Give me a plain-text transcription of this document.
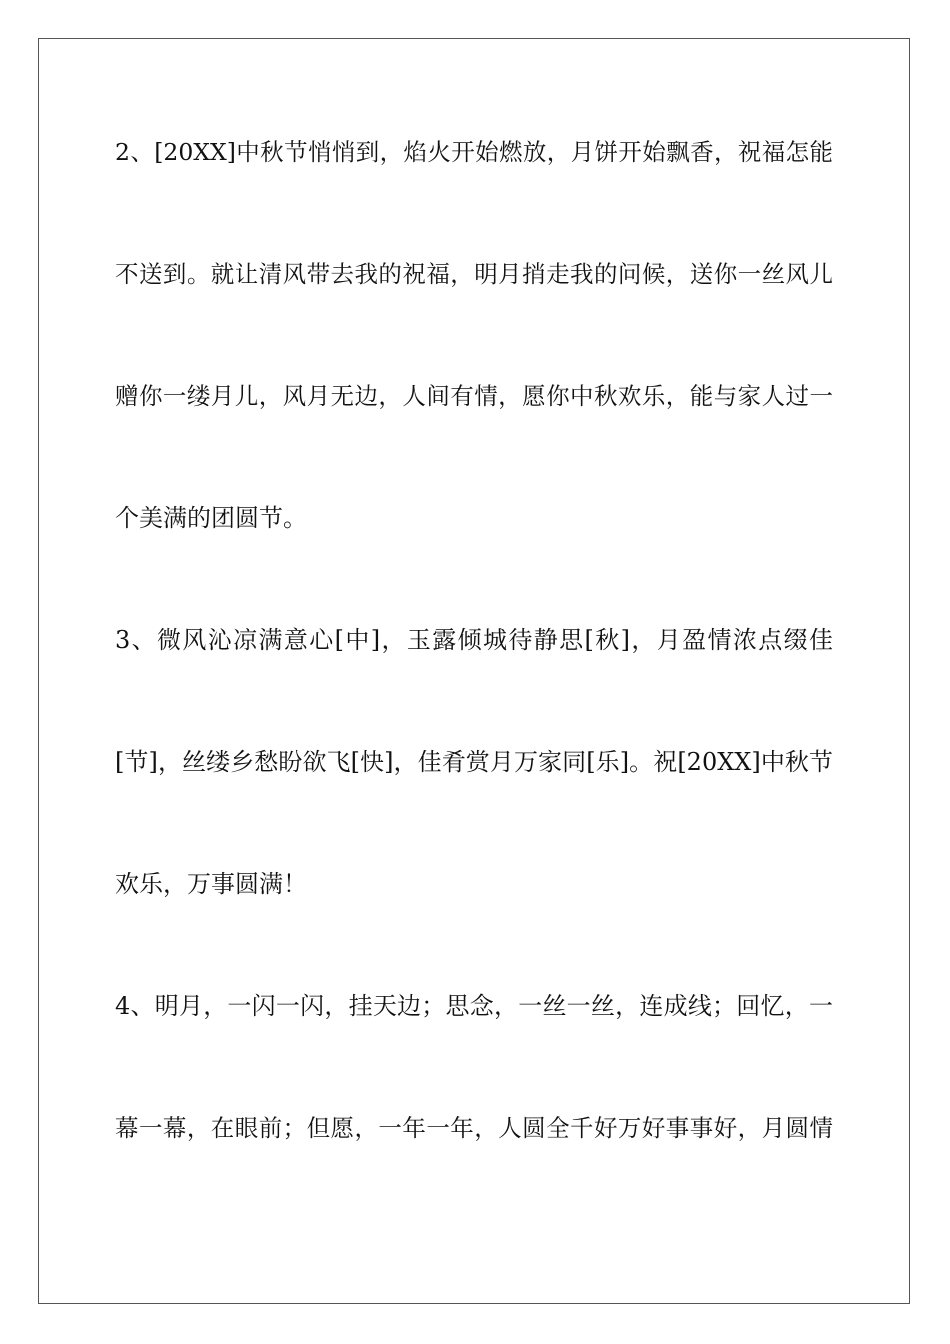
2、[20XX]中秋节悄悄到，焰火开始燃放，月饼开始飘香，祝福怎能
不送到。就让清风带去我的祝福，明月捎走我的问候，送你一丝风儿
赠你一缕月儿，风月无边，人间有情，愿你中秋欢乐，能与家人过一
个美满的团圆节。
3、微风沁凉满意心[中]，玉露倾城待静思[秋]，月盈情浓点缀佳
[节]，丝缕乡愁盼欲飞[快]，佳肴赏月万家同[乐]。祝[20XX]中秋节
欢乐，万事圆满！
4、明月，一闪一闪，挂天边；思念，一丝一丝，连成线；回忆，一
幕一幕，在眼前；但愿，一年一年，人圆全千好万好事事好，月圆情
